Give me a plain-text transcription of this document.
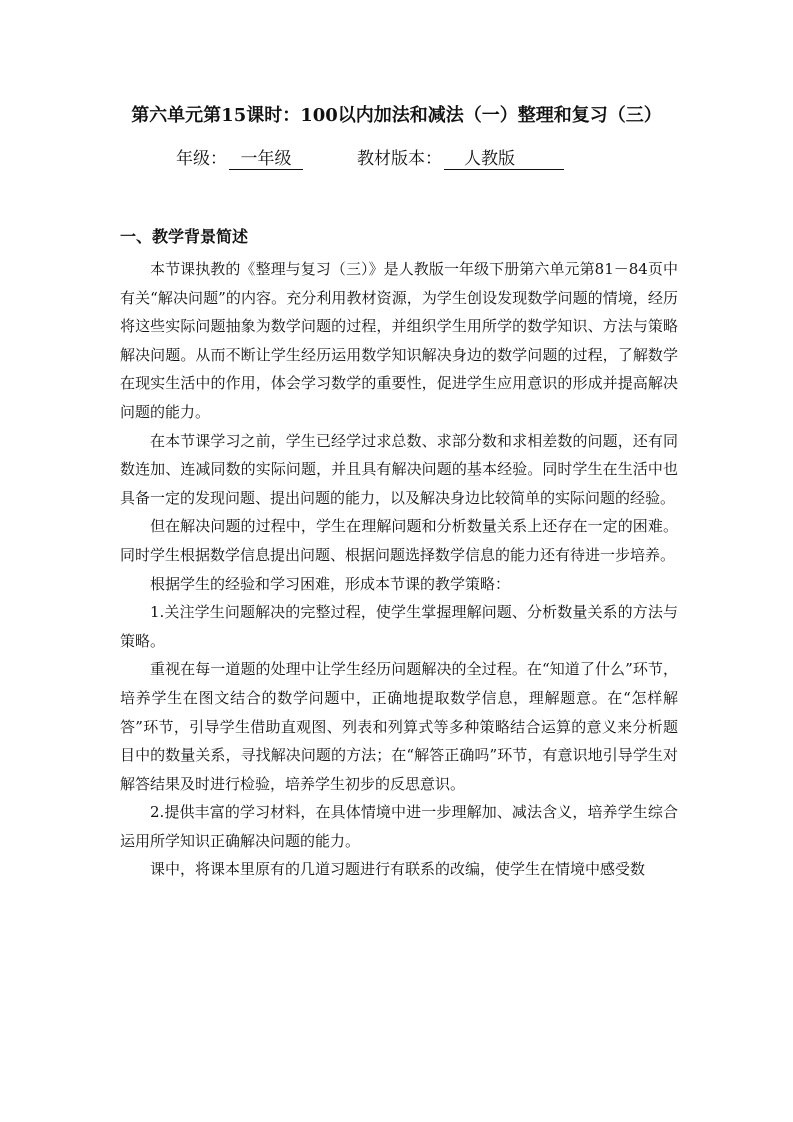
第六单元第15课时：100以内加法和减法（一）整理和复习（三）
年级： 一年级	教材版本： 人教版
一、教学背景简述

本节课执教的《整理与复习（三）》是人教版一年级下册第六单元第81－84页中有关“解决问题”的内容。充分利用教材资源，为学生创设发现数学问题的情境，经历将这些实际问题抽象为数学问题的过程，并组织学生用所学的数学知识、方法与策略解决问题。从而不断让学生经历运用数学知识解决身边的数学问题的过程，了解数学在现实生活中的作用，体会学习数学的重要性，促进学生应用意识的形成并提高解决问题的能力。

在本节课学习之前，学生已经学过求总数、求部分数和求相差数的问题，还有同数连加、连减同数的实际问题，并且具有解决问题的基本经验。同时学生在生活中也具备一定的发现问题、提出问题的能力，以及解决身边比较简单的实际问题的经验。

但在解决问题的过程中，学生在理解问题和分析数量关系上还存在一定的困难。同时学生根据数学信息提出问题、根据问题选择数学信息的能力还有待进一步培养。

根据学生的经验和学习困难，形成本节课的教学策略：

1.关注学生问题解决的完整过程，使学生掌握理解问题、分析数量关系的方法与策略。

重视在每一道题的处理中让学生经历问题解决的全过程。在“知道了什么”环节，培养学生在图文结合的数学问题中，正确地提取数学信息，理解题意。在“怎样解答”环节，引导学生借助直观图、列表和列算式等多种策略结合运算的意义来分析题目中的数量关系，寻找解决问题的方法；在“解答正确吗”环节，有意识地引导学生对解答结果及时进行检验，培养学生初步的反思意识。

2.提供丰富的学习材料，在具体情境中进一步理解加、减法含义，培养学生综合运用所学知识正确解决问题的能力。

课中，将课本里原有的几道习题进行有联系的改编，使学生在情境中感受数
